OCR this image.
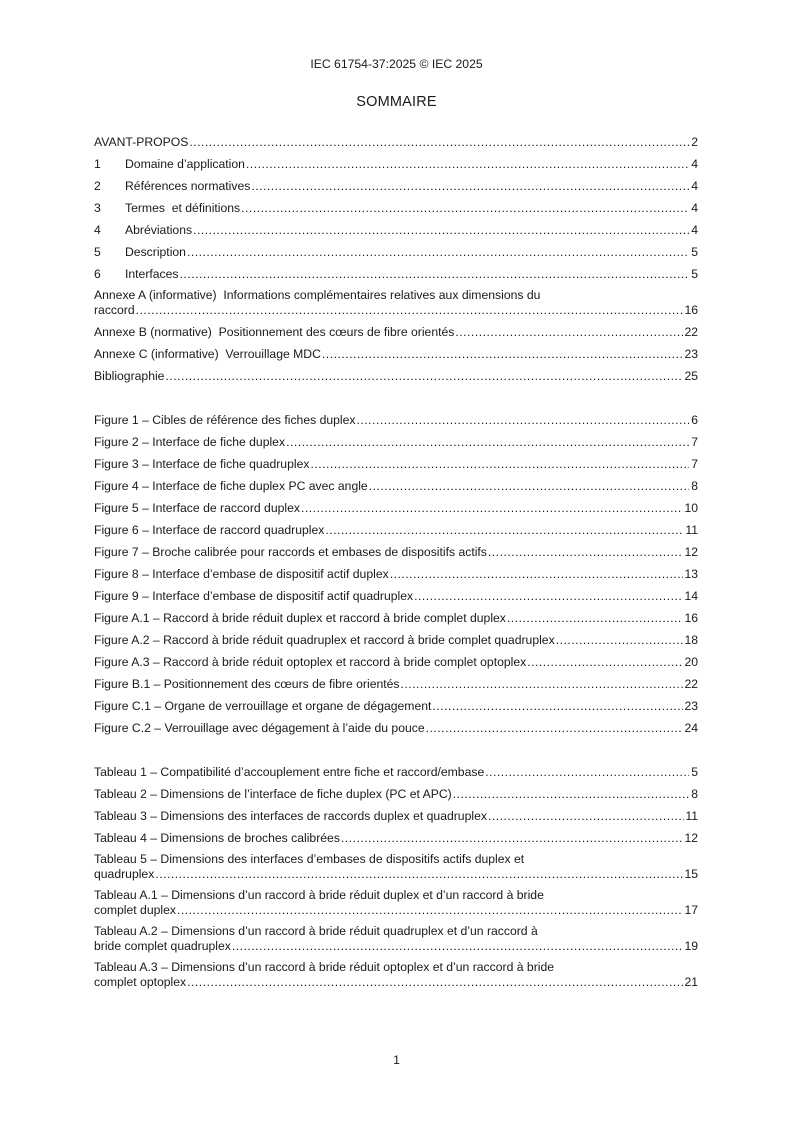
IEC 61754-37:2025 © IEC 2025
SOMMAIRE
AVANT-PROPOS .....	2
1	Domaine d’application .....	4
2	Références normatives .....	4
3	Termes  et définitions .....	4
4	Abréviations .....	4
5	Description .....	5
6	Interfaces .....	5
Annexe A (informative)  Informations complémentaires relatives aux dimensions du
raccord .....	16
Annexe B (normative)  Positionnement des cœurs de fibre orientés .....	22
Annexe C (informative)  Verrouillage MDC .....	23
Bibliographie .....	25
Figure 1 – Cibles de référence des fiches duplex .....	6
Figure 2 – Interface de fiche duplex .....	7
Figure 3 – Interface de fiche quadruplex .....	7
Figure 4 – Interface de fiche duplex PC avec angle .....	8
Figure 5 – Interface de raccord duplex .....	10
Figure 6 – Interface de raccord quadruplex .....	11
Figure 7 – Broche calibrée pour raccords et embases de dispositifs actifs .....	12
Figure 8 – Interface d’embase de dispositif actif duplex .....	13
Figure 9 – Interface d’embase de dispositif actif quadruplex .....	14
Figure A.1 – Raccord à bride réduit duplex et raccord à bride complet duplex .....	16
Figure A.2 – Raccord à bride réduit quadruplex et raccord à bride complet quadruplex .....	18
Figure A.3 – Raccord à bride réduit optoplex et raccord à bride complet optoplex .....	20
Figure B.1 – Positionnement des cœurs de fibre orientés .....	22
Figure C.1 – Organe de verrouillage et organe de dégagement .....	23
Figure C.2 – Verrouillage avec dégagement à l’aide du pouce .....	24
Tableau 1 – Compatibilité d’accouplement entre fiche et raccord/embase .....	5
Tableau 2 – Dimensions de l’interface de fiche duplex (PC et APC) .....	8
Tableau 3 – Dimensions des interfaces de raccords duplex et quadruplex .....	11
Tableau 4 – Dimensions de broches calibrées .....	12
Tableau 5 – Dimensions des interfaces d’embases de dispositifs actifs duplex et
quadruplex .....	15
Tableau A.1 – Dimensions d’un raccord à bride réduit duplex et d’un raccord à bride
complet duplex .....	17
Tableau A.2 – Dimensions d’un raccord à bride réduit quadruplex et d’un raccord à
bride complet quadruplex .....	19
Tableau A.3 – Dimensions d’un raccord à bride réduit optoplex et d’un raccord à bride
complet optoplex .....	21
1
